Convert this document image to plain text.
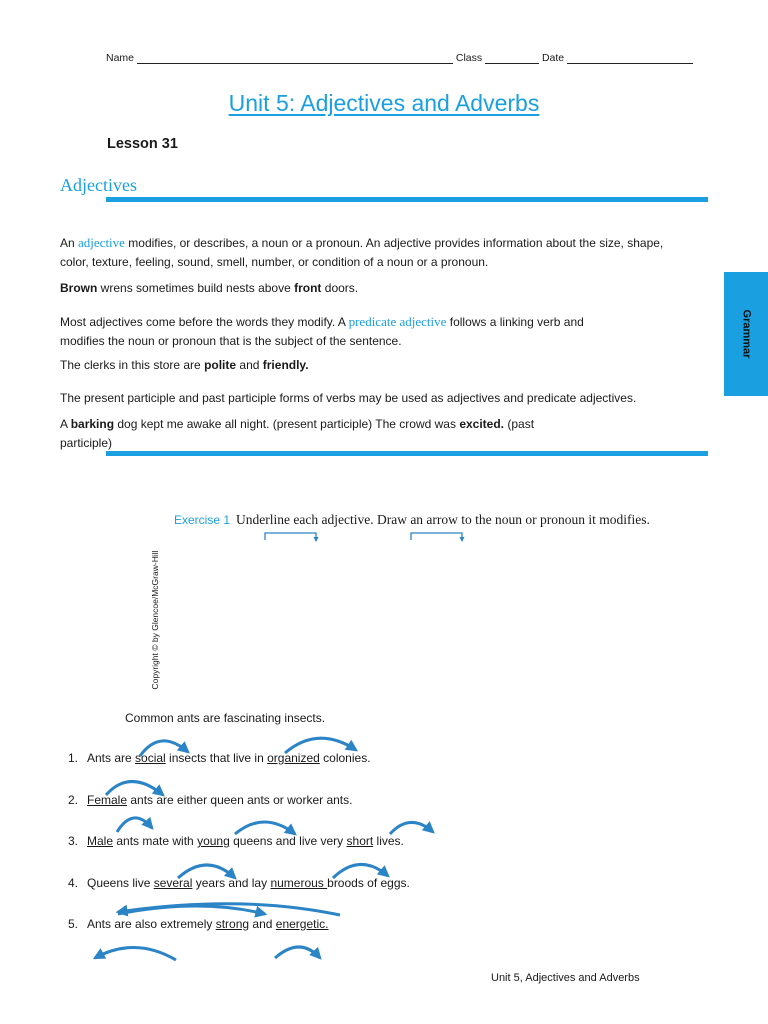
Name	Class	Date
Unit 5: Adjectives and Adverbs
Lesson 31
Adjectives
An adjective modifies, or describes, a noun or a pronoun. An adjective provides information about the size, shape,
color, texture, feeling, sound, smell, number, or condition of a noun or a pronoun.
Brown wrens sometimes build nests above front doors.
Most adjectives come before the words they modify. A predicate adjective follows a linking verb and
modifies the noun or pronoun that is the subject of the sentence.
The clerks in this store are polite and friendly.
The present participle and past participle forms of verbs may be used as adjectives and predicate adjectives.
A barking dog kept me awake all night. (present participle) The crowd was excited. (past
participle)
Grammar
Exercise 1 Underline each adjective. Draw an arrow to the noun or pronoun it modifies.
Copyright © by Glencoe/McGraw-Hill
Common ants are fascinating insects.
1. Ants are social insects that live in organized colonies.
2. Female ants are either queen ants or worker ants.
3. Male ants mate with young queens and live very short lives.
4. Queens live several years and lay numerous broods of eggs.
5. Ants are also extremely strong and energetic.
Unit 5, Adjectives and Adverbs
